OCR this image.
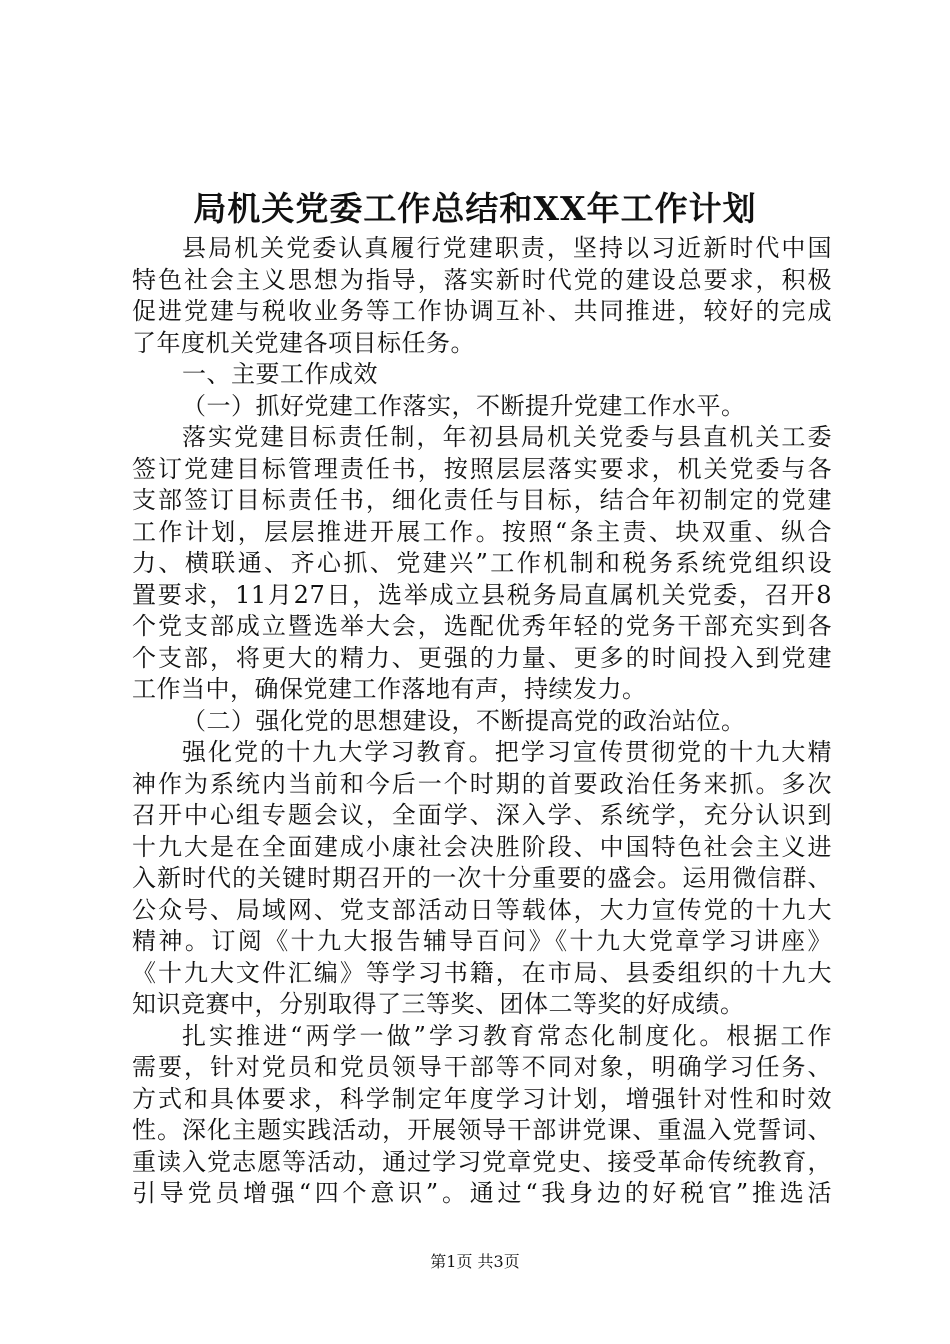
局机关党委工作总结和XX年工作计划
县局机关党委认真履行党建职责，坚持以习近新时代中国
特色社会主义思想为指导，落实新时代党的建设总要求，积极
促进党建与税收业务等工作协调互补、共同推进，较好的完成
了年度机关党建各项目标任务。
一、主要工作成效
（一）抓好党建工作落实，不断提升党建工作水平。
落实党建目标责任制，年初县局机关党委与县直机关工委
签订党建目标管理责任书，按照层层落实要求，机关党委与各
支部签订目标责任书，细化责任与目标，结合年初制定的党建
工作计划，层层推进开展工作。按照“条主责、块双重、纵合
力、横联通、齐心抓、党建兴”工作机制和税务系统党组织设
置要求，11月27日，选举成立县税务局直属机关党委，召开8
个党支部成立暨选举大会，选配优秀年轻的党务干部充实到各
个支部，将更大的精力、更强的力量、更多的时间投入到党建
工作当中，确保党建工作落地有声，持续发力。
（二）强化党的思想建设，不断提高党的政治站位。
强化党的十九大学习教育。把学习宣传贯彻党的十九大精
神作为系统内当前和今后一个时期的首要政治任务来抓。多次
召开中心组专题会议，全面学、深入学、系统学，充分认识到
十九大是在全面建成小康社会决胜阶段、中国特色社会主义进
入新时代的关键时期召开的一次十分重要的盛会。运用微信群、
公众号、局域网、党支部活动日等载体，大力宣传党的十九大
精神。订阅《十九大报告辅导百问》《十九大党章学习讲座》
《十九大文件汇编》等学习书籍，在市局、县委组织的十九大
知识竞赛中，分别取得了三等奖、团体二等奖的好成绩。
扎实推进“两学一做”学习教育常态化制度化。根据工作
需要，针对党员和党员领导干部等不同对象，明确学习任务、
方式和具体要求，科学制定年度学习计划，增强针对性和时效
性。深化主题实践活动，开展领导干部讲党课、重温入党誓词、
重读入党志愿等活动，通过学习党章党史、接受革命传统教育，
引导党员增强“四个意识”。通过“我身边的好税官”推选活
第1页 共3页
